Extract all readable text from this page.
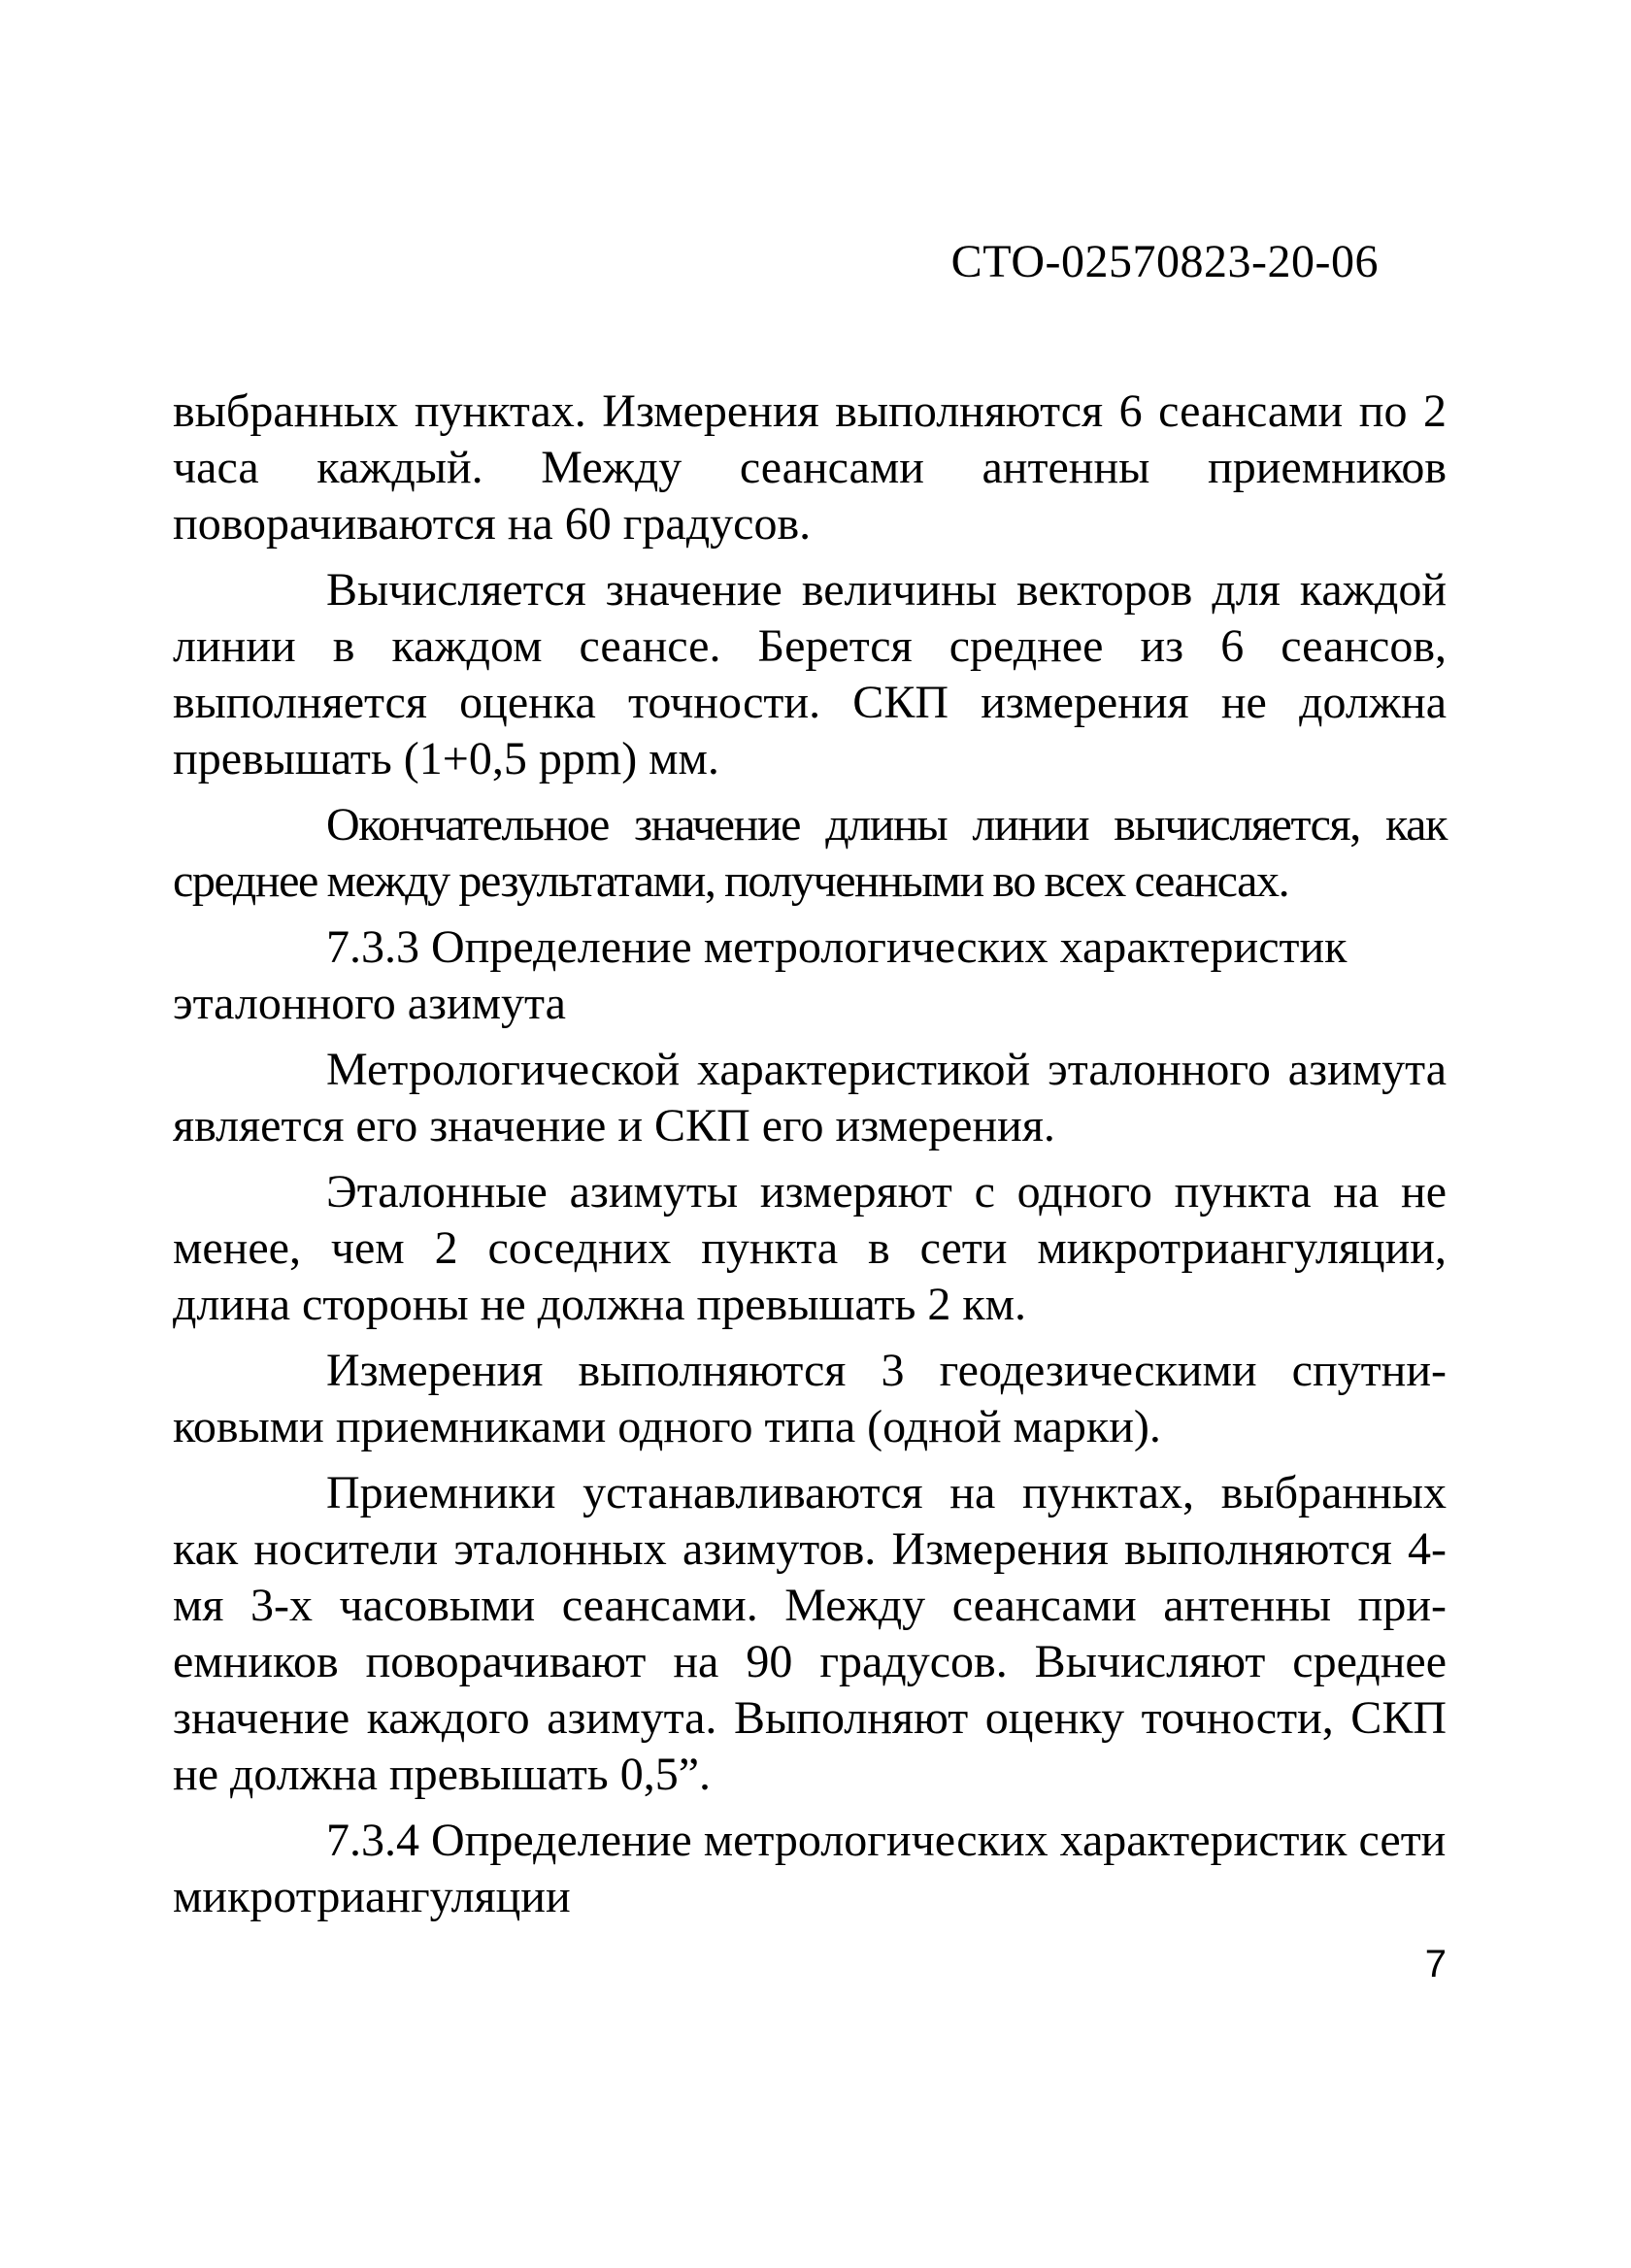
СТО-02570823-20-06

выбранных пунктах. Измерения выполняются 6 сеансами по 2 часа каждый. Между сеансами антенны приемников поворачиваются на 60 градусов.

Вычисляется значение величины векторов для каждой линии в каждом сеансе. Берется среднее из 6 сеансов, выполняется оценка точности. СКП измерения не должна превышать (1+0,5 ppm) мм.

Окончательное значение длины линии вычисляется, как среднее между результатами, полученными во всех сеансах.

7.3.3 Определение метрологических характеристик эталонного азимута

Метрологической характеристикой эталонного азимута является его значение и СКП его измерения.

Эталонные азимуты измеряют с одного пункта на не менее, чем 2 соседних пункта в сети микротриангуляции, длина стороны не должна превышать 2 км.

Измерения выполняются 3 геодезическими спутниковыми приемниками одного типа (одной марки).

Приемники устанавливаются на пунктах, выбранных как носители эталонных азимутов. Измерения выполняются 4-мя 3-х часовыми сеансами. Между сеансами антенны приемников поворачивают на 90 градусов. Вычисляют среднее значение каждого азимута. Выполняют оценку точности, СКП не должна превышать 0,5”.

7.3.4 Определение метрологических характеристик сети микротриангуляции

7
